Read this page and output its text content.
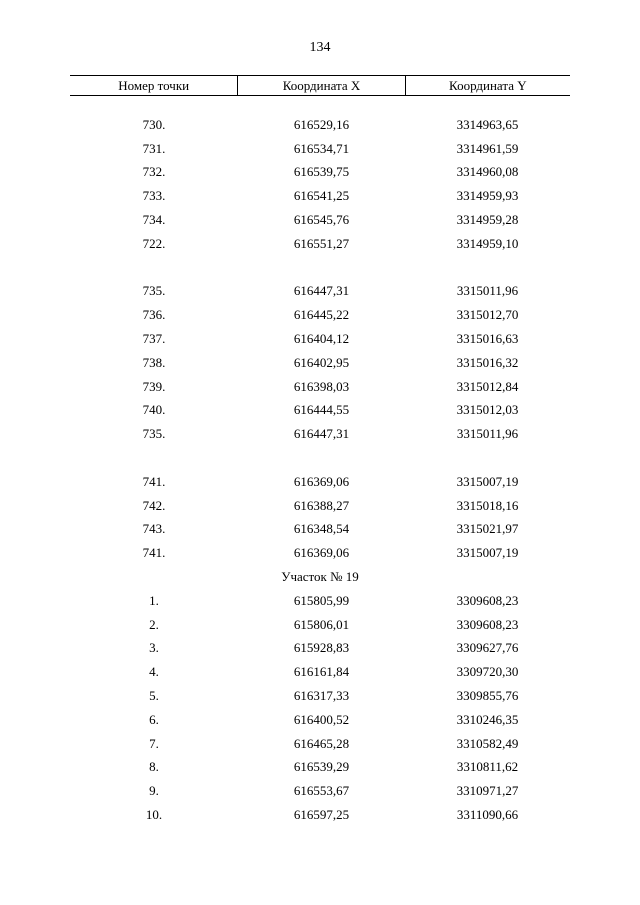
134
Номер точки	Координата X	Координата Y
730.	616529,16	3314963,65
731.	616534,71	3314961,59
732.	616539,75	3314960,08
733.	616541,25	3314959,93
734.	616545,76	3314959,28
722.	616551,27	3314959,10
735.	616447,31	3315011,96
736.	616445,22	3315012,70
737.	616404,12	3315016,63
738.	616402,95	3315016,32
739.	616398,03	3315012,84
740.	616444,55	3315012,03
735.	616447,31	3315011,96
741.	616369,06	3315007,19
742.	616388,27	3315018,16
743.	616348,54	3315021,97
741.	616369,06	3315007,19
Участок № 19
1.	615805,99	3309608,23
2.	615806,01	3309608,23
3.	615928,83	3309627,76
4.	616161,84	3309720,30
5.	616317,33	3309855,76
6.	616400,52	3310246,35
7.	616465,28	3310582,49
8.	616539,29	3310811,62
9.	616553,67	3310971,27
10.	616597,25	3311090,66
